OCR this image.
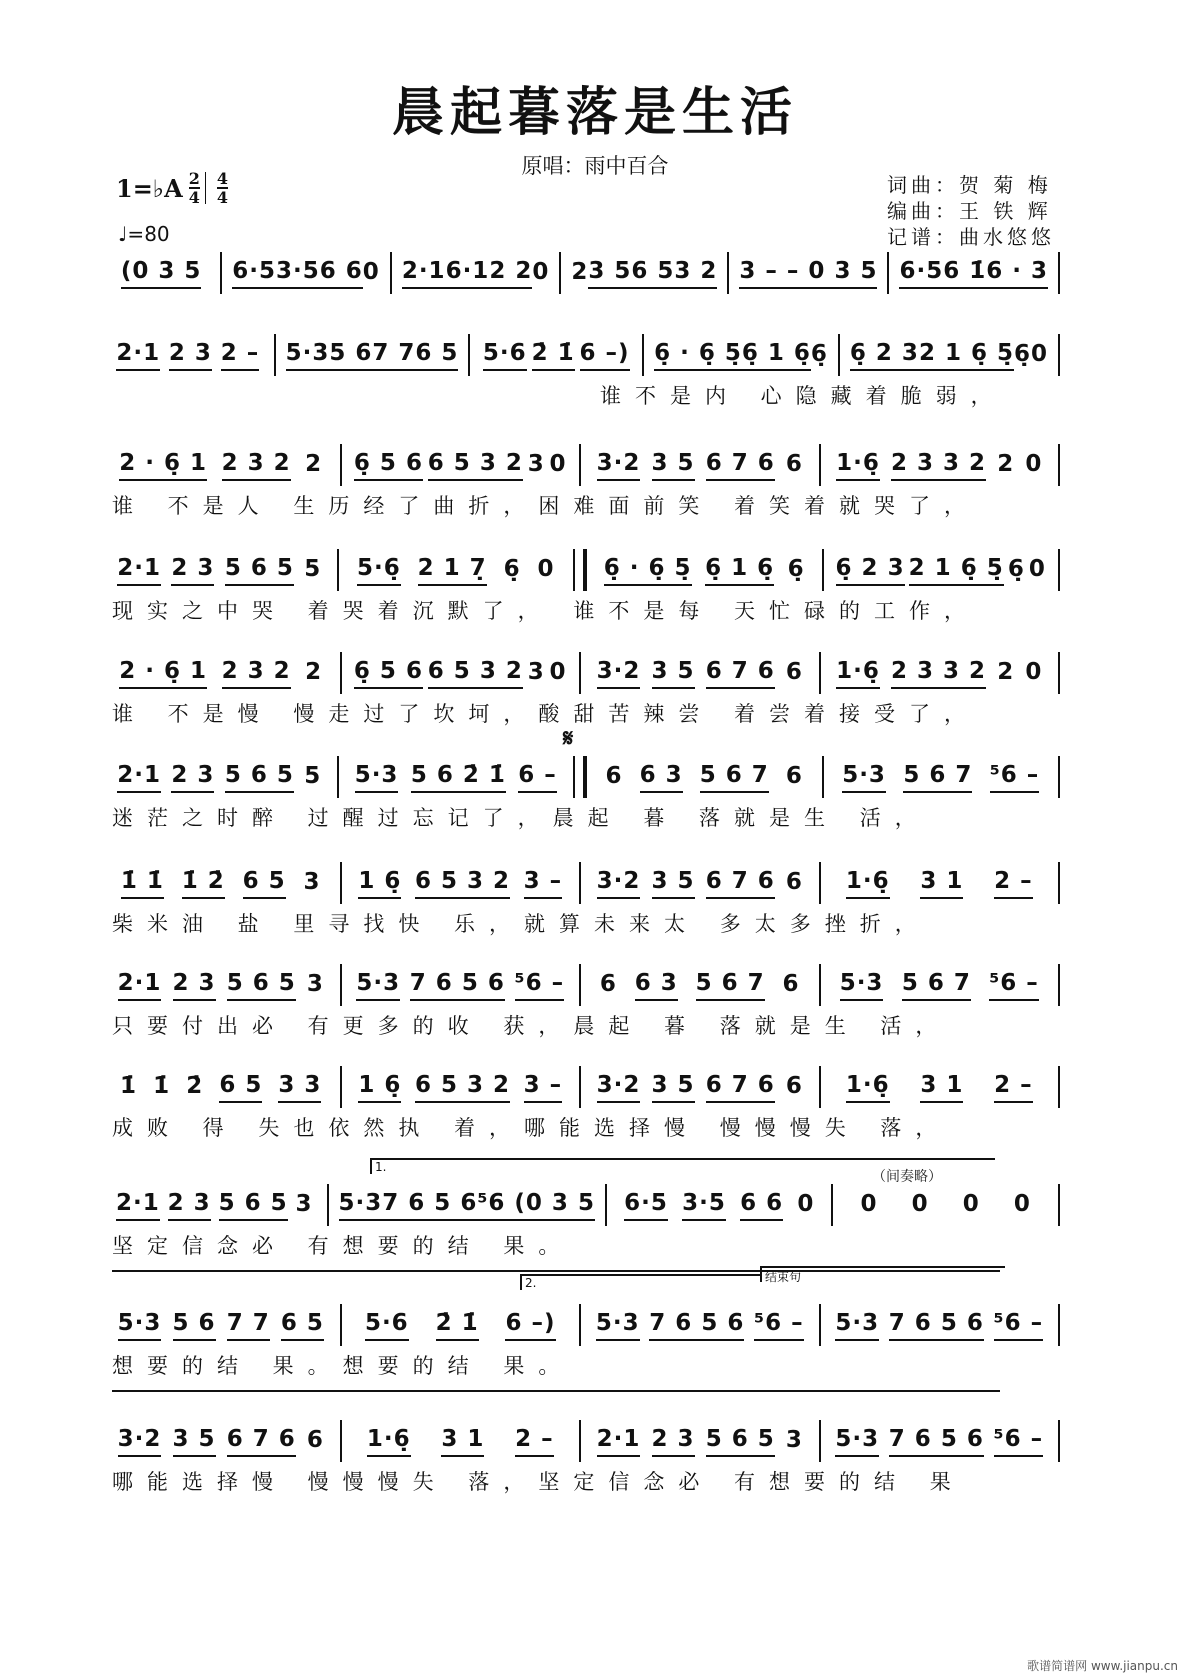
晨起暮落是生活
原唱：雨中百合
1=♭A $\frac{2}{4} \frac{4}{4}$
♩=80
词曲：贺 菊 梅
编曲：王 铁 辉
记谱：曲水悠悠
𝄋
1.
（间奏略）
2.	结束句
(0 3 5 6·5 3·5 6 6 0 2·1 6·1 2 2 0 2 3 5 6 5 3 2 3 – – 0 3 5 6·5 6 1̇ 6 · 3
2·1 2 3 2 – 5·3 5 6 7 7 6 5 5·6 2̇ 1̇ 6 –) 6̣ · 6̣ 5̣ 6̣ 1 6̣ 6̣ 6̣ 2 3 2 1 6̣ 5̣ 6̣ 0
谁不是内 心隐藏着脆弱，
2 · 6̣ 1 2 3 2 2 6̣ 5 6 6 5 3 2 3 0 3·2 3 5 6 7 6 6 1·6̣ 2 3 3 2 2 0
谁 不是人 生历经了曲折，困难面前笑 着笑着就哭了，
2·1 2 3 5 6 5 5 5·6̣ 2 1 7̣ 6̣ 0 6̣ · 6̣ 5̣ 6̣ 1 6̣ 6̣ 6̣ 2 3 2 1 6̣ 5̣ 6̣ 0
现实之中哭 着哭着沉默了， 谁不是每 天忙碌的工作，
2 · 6̣ 1 2 3 2 2 6̣ 5 6 6 5 3 2 3 0 3·2 3 5 6 7 6 6 1·6̣ 2 3 3 2 2 0
谁 不是慢 慢走过了坎坷，酸甜苦辣尝 着尝着接受了，
2·1 2 3 5 6 5 5 5·3 5 6 2̇ 1̇ 6 – 6 6 3 5 6 7 6 5·3 5 6 7 ⁵6 –
迷茫之时醉 过醒过忘记了，晨起 暮 落就是生 活，
1̇ 1̇ 1̇ 2̇ 6 5 3 1 6̣ 6 5 3 2 3 – 3·2 3 5 6 7 6 6 1·6̣ 3 1 2 –
柴米油 盐 里寻找快 乐，就算未来太 多太多挫折，
2·1 2 3 5 6 5 3 5·3 7 6 5 6 ⁵6 – 6 6 3 5 6 7 6 5·3 5 6 7 ⁵6 –
只要付出必 有更多的收 获，晨起 暮 落就是生 活，
1̇ 1̇ 2̇ 6 5 3 3 1 6̣ 6 5 3 2 3 – 3·2 3 5 6 7 6 6 1·6̣ 3 1 2 –
成败 得 失也依然执 着，哪能选择慢 慢慢慢失 落，
2·1 2 3 5 6 5 3 5·3 7 6 5 6 ⁵6 (0 3 5 6·5 3·5 6 6 0 0 0 0 0
坚定信念必 有想要的结 果。
5·3 5 6 7 7 6 5 5·6 2̇ 1̇ 6 –) 5·3 7 6 5 6 ⁵6 – 5·3 7 6 5 6 ⁵6 –
想要的结 果。想要的结 果。
3·2 3 5 6 7 6 6 1·6̣ 3 1 2 – 2·1 2 3 5 6 5 3 5·3 7 6 5 6 ⁵6 –
哪能选择慢 慢慢慢失 落，坚定信念必 有想要的结 果
歌谱简谱网 www.jianpu.cn
